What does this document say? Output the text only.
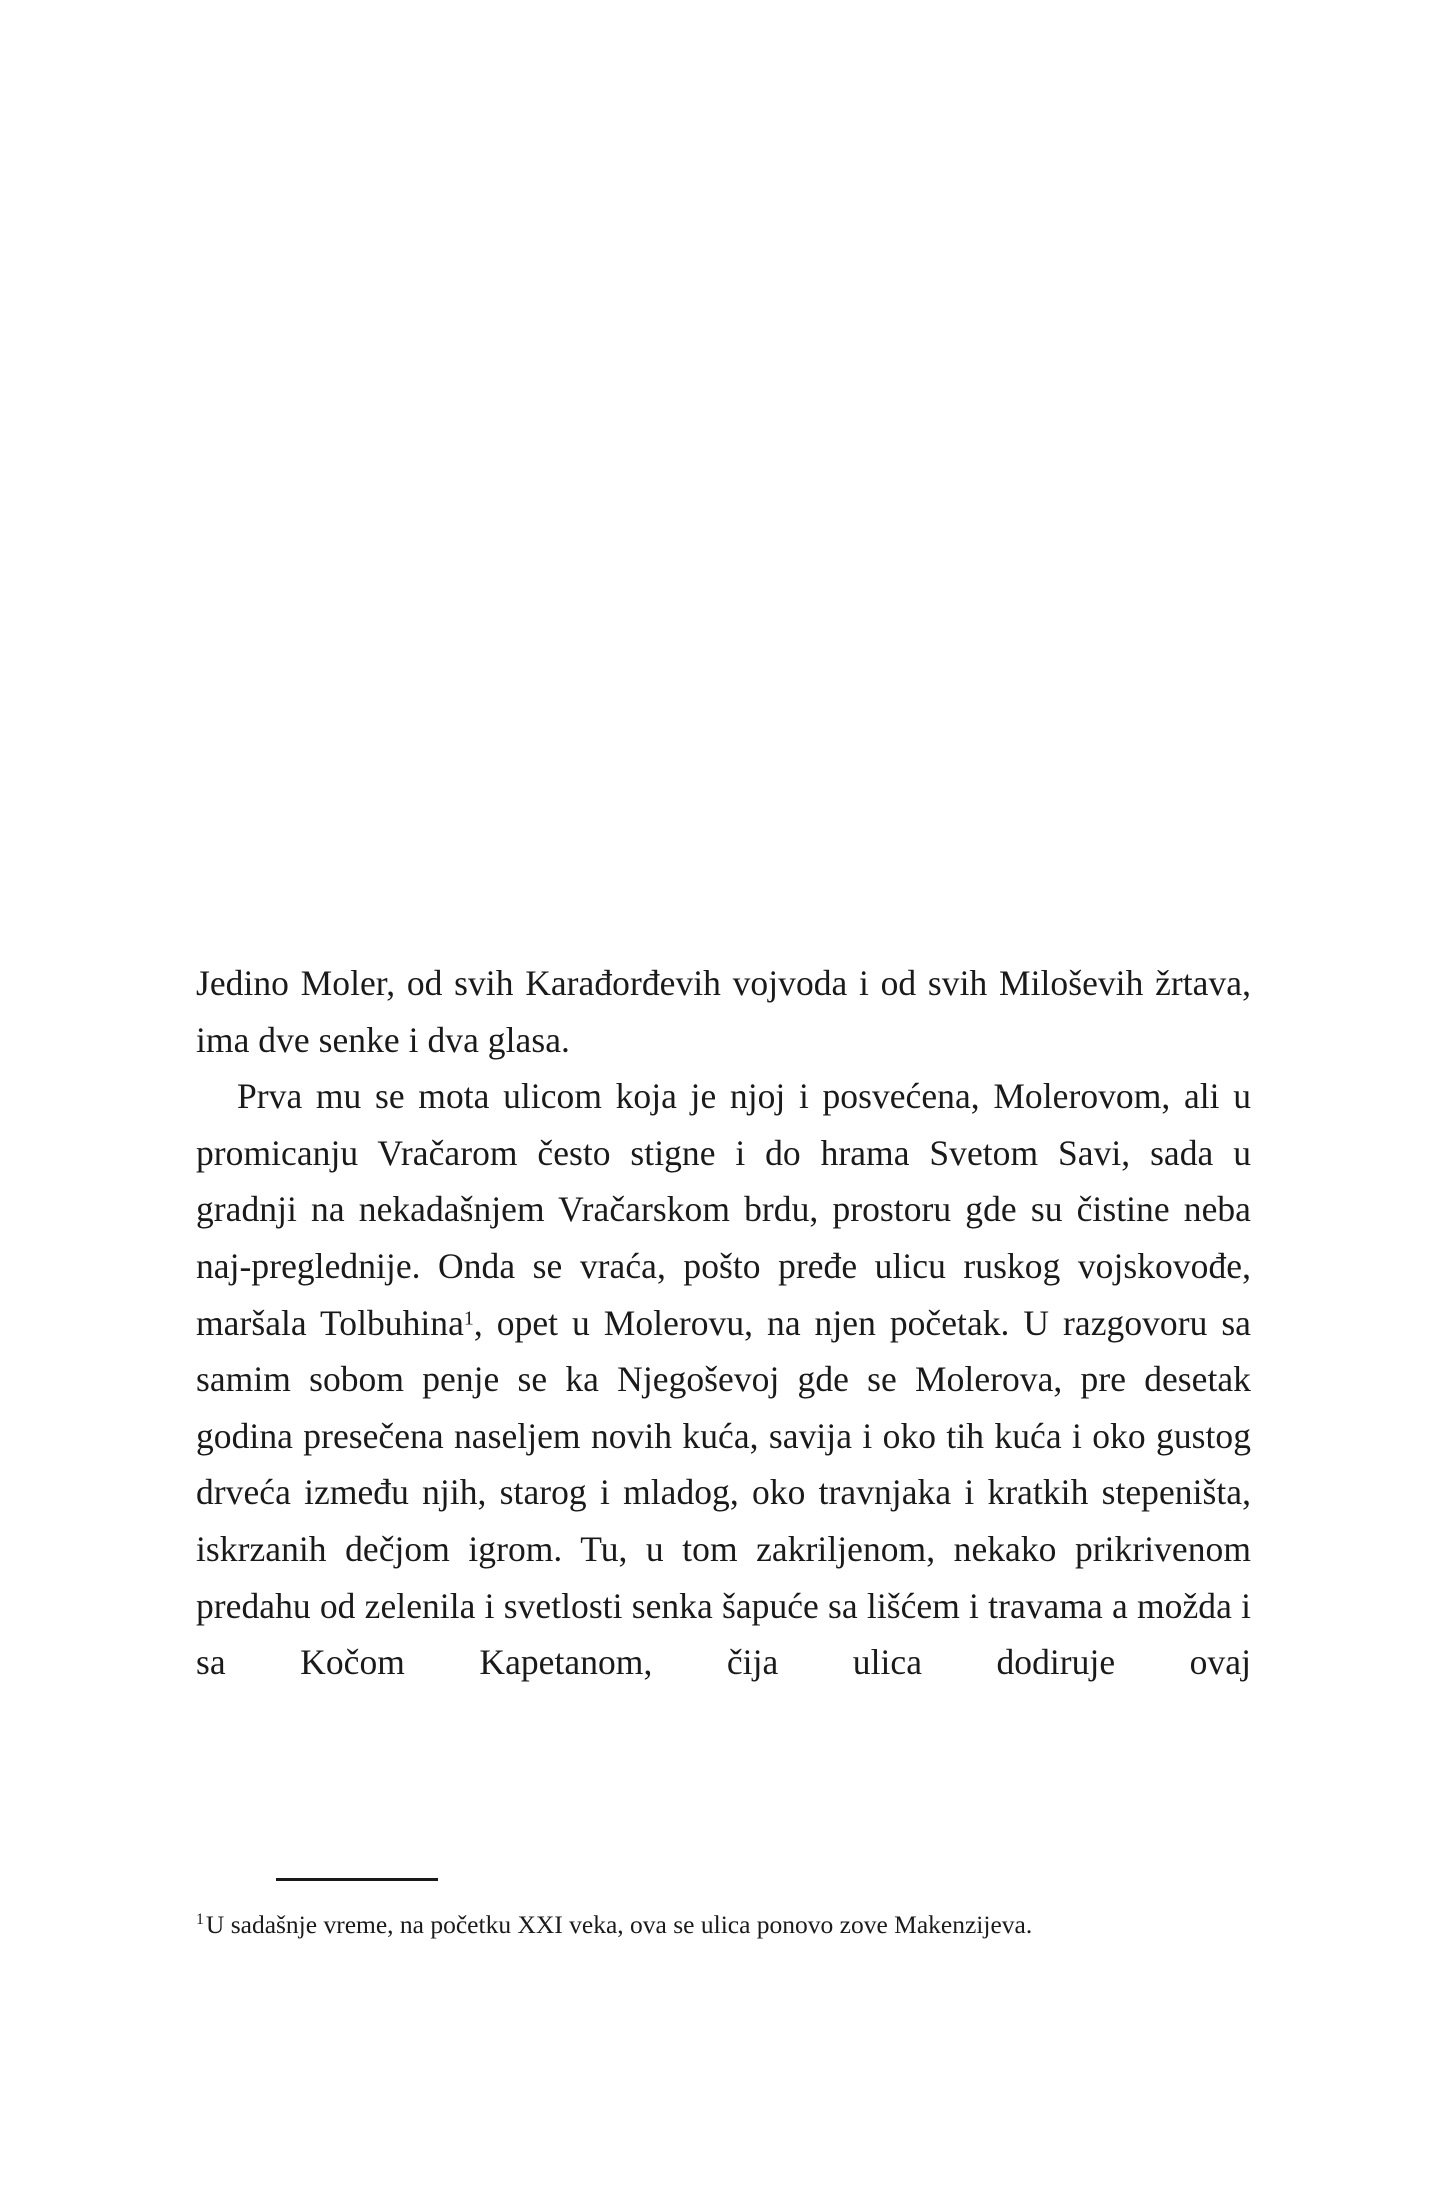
Jedino Moler, od svih Karađorđevih vojvoda i od svih Miloševih žrtava, ima dve senke i dva glasa.

Prva mu se mota ulicom koja je njoj i posvećena, Molerovom, ali u promicanju Vračarom često stigne i do hrama Svetom Savi, sada u gradnji na nekadašnjem Vračarskom brdu, prostoru gde su čistine neba naj-​preglednije. Onda se vraća, pošto pređe ulicu ruskog vojskovođe, maršala Tolbuhina$^1$, opet u Molerovu, na njen početak. U razgovoru sa samim sobom penje se ka Njegoševoj gde se Molerova, pre desetak godina presečena naseljem novih kuća, savija i oko tih kuća i oko gustog drveća između njih, starog i mladog, oko travnjaka i kratkih stepeništa, iskrzanih dečjom igrom. Tu, u tom zakriljenom, nekako prikrivenom predahu od zelenila i svetlosti senka šapuće sa lišćem i travama a možda i sa Kočom Kapetanom, čija ulica dodiruje ovaj

$^1$U sadašnje vreme, na početku XXI veka, ova se ulica ponovo zove Makenzijeva.
